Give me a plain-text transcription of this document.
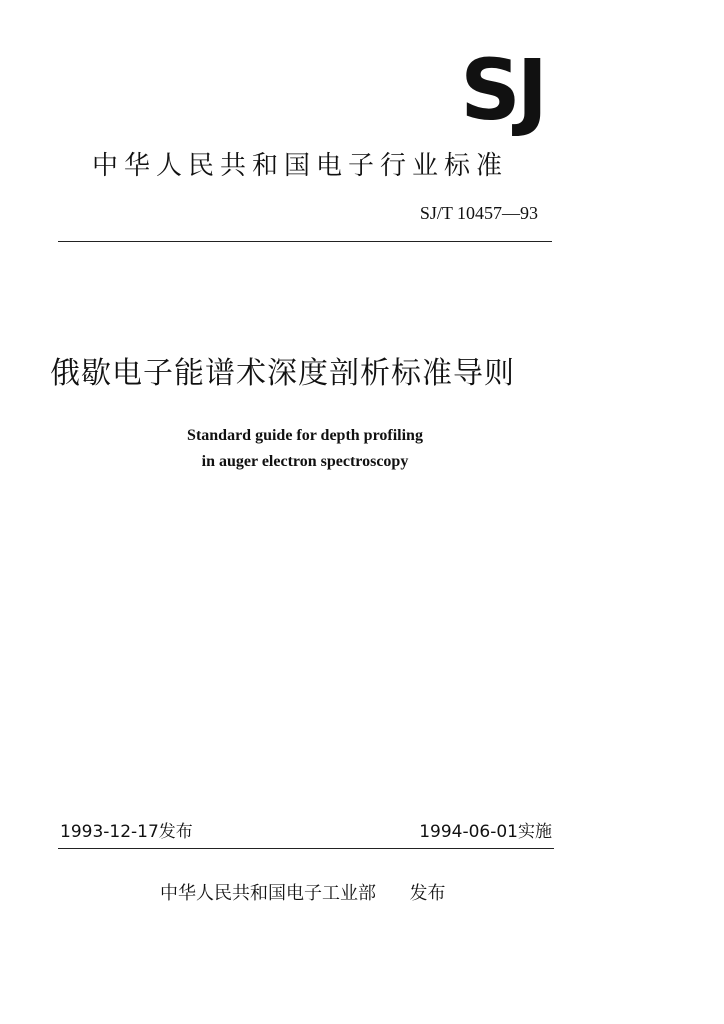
SJ
中华人民共和国电子行业标准
SJ/T 10457—93
俄歇电子能谱术深度剖析标准导则
Standard guide for depth profiling
in auger electron spectroscopy
1993-12-17发布	1994-06-01实施
中华人民共和国电子工业部 发布
